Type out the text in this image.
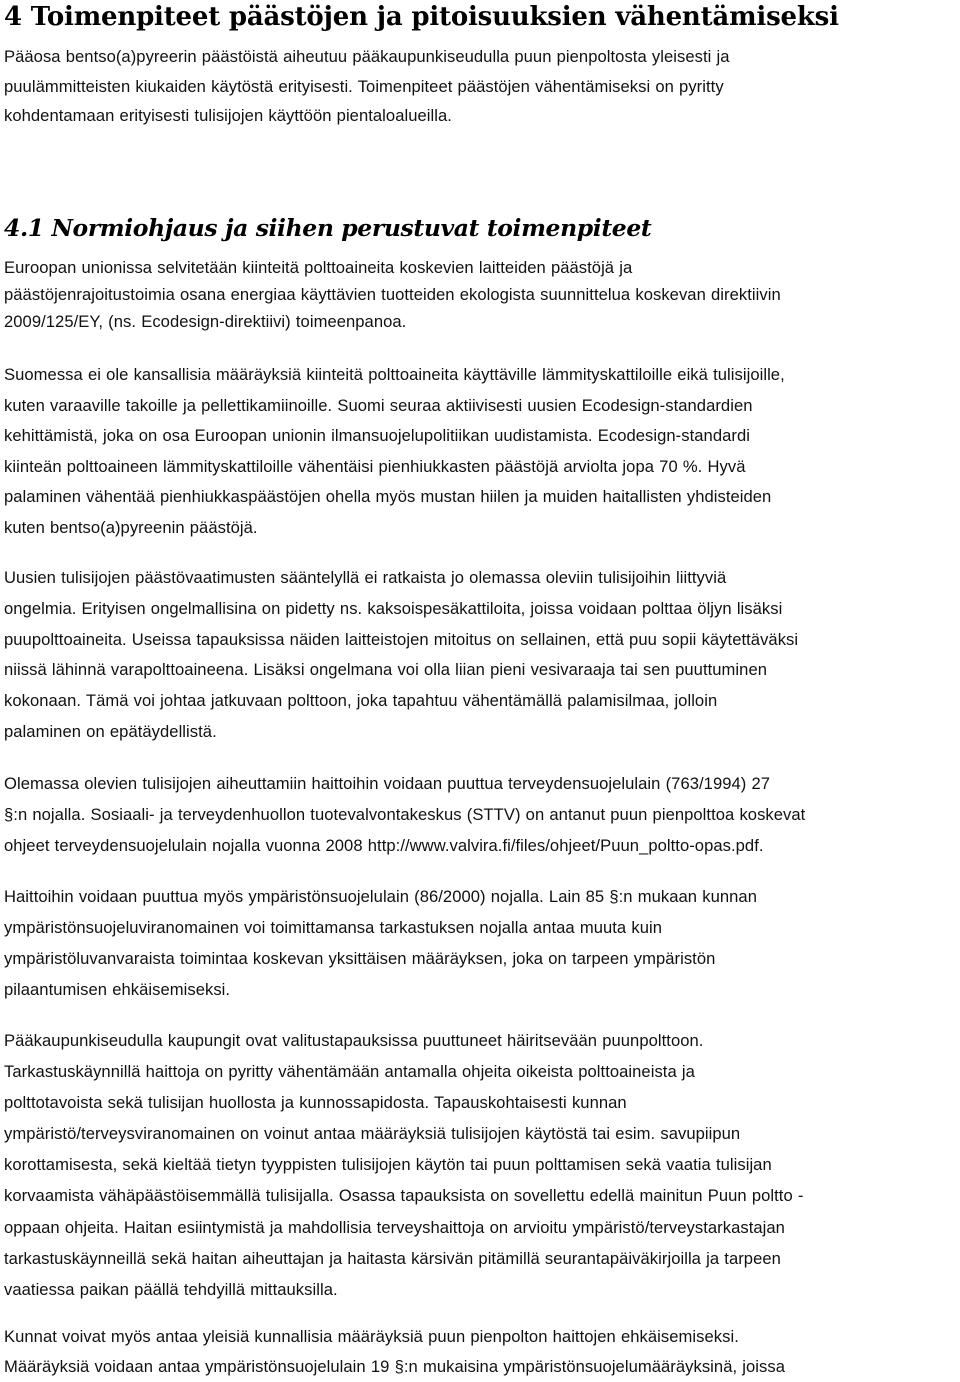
4 Toimenpiteet päästöjen ja pitoisuuksien vähentämiseksi
Pääosa bentso(a)pyreerin päästöistä aiheutuu pääkaupunkiseudulla puun pienpoltosta yleisesti ja
puulämmitteisten kiukaiden käytöstä erityisesti. Toimenpiteet päästöjen vähentämiseksi on pyritty
kohdentamaan erityisesti tulisijojen käyttöön pientaloalueilla.
4.1 Normiohjaus ja siihen perustuvat toimenpiteet
Euroopan unionissa selvitetään kiinteitä polttoaineita koskevien laitteiden päästöjä ja
päästöjenrajoitustoimia osana energiaa käyttävien tuotteiden ekologista suunnittelua koskevan direktiivin
2009/125/EY, (ns. Ecodesign-direktiivi) toimeenpanoa.
Suomessa ei ole kansallisia määräyksiä kiinteitä polttoaineita käyttäville lämmityskattiloille eikä tulisijoille,
kuten varaaville takoille ja pellettikamiinoille. Suomi seuraa aktiivisesti uusien Ecodesign-standardien
kehittämistä, joka on osa Euroopan unionin ilmansuojelupolitiikan uudistamista. Ecodesign-standardi
kiinteän polttoaineen lämmityskattiloille vähentäisi pienhiukkasten päästöjä arviolta jopa 70 %. Hyvä
palaminen vähentää pienhiukkaspäästöjen ohella myös mustan hiilen ja muiden haitallisten yhdisteiden
kuten bentso(a)pyreenin päästöjä.
Uusien tulisijojen päästövaatimusten sääntelyllä ei ratkaista jo olemassa oleviin tulisijoihin liittyviä
ongelmia. Erityisen ongelmallisina on pidetty ns. kaksoispesäkattiloita, joissa voidaan polttaa öljyn lisäksi
puupolttoaineita. Useissa tapauksissa näiden laitteistojen mitoitus on sellainen, että puu sopii käytettäväksi
niissä lähinnä varapolttoaineena. Lisäksi ongelmana voi olla liian pieni vesivaraaja tai sen puuttuminen
kokonaan. Tämä voi johtaa jatkuvaan polttoon, joka tapahtuu vähentämällä palamisilmaa, jolloin
palaminen on epätäydellistä.
Olemassa olevien tulisijojen aiheuttamiin haittoihin voidaan puuttua terveydensuojelulain (763/1994) 27
§:n nojalla. Sosiaali- ja terveydenhuollon tuotevalvontakeskus (STTV) on antanut puun pienpolttoa koskevat
ohjeet terveydensuojelulain nojalla vuonna 2008 http://www.valvira.fi/files/ohjeet/Puun_poltto-opas.pdf.
Haittoihin voidaan puuttua myös ympäristönsuojelulain (86/2000) nojalla. Lain 85 §:n mukaan kunnan
ympäristönsuojeluviranomainen voi toimittamansa tarkastuksen nojalla antaa muuta kuin
ympäristöluvanvaraista toimintaa koskevan yksittäisen määräyksen, joka on tarpeen ympäristön
pilaantumisen ehkäisemiseksi.
Pääkaupunkiseudulla kaupungit ovat valitustapauksissa puuttuneet häiritsevään puunpolttoon.
Tarkastuskäynnillä haittoja on pyritty vähentämään antamalla ohjeita oikeista polttoaineista ja
polttotavoista sekä tulisijan huollosta ja kunnossapidosta. Tapauskohtaisesti kunnan
ympäristö/terveysviranomainen on voinut antaa määräyksiä tulisijojen käytöstä tai esim. savupiipun
korottamisesta, sekä kieltää tietyn tyyppisten tulisijojen käytön tai puun polttamisen sekä vaatia tulisijan
korvaamista vähäpäästöisemmällä tulisijalla. Osassa tapauksista on sovellettu edellä mainitun Puun poltto -
oppaan ohjeita. Haitan esiintymistä ja mahdollisia terveyshaittoja on arvioitu ympäristö/terveystarkastajan
tarkastuskäynneillä sekä haitan aiheuttajan ja haitasta kärsivän pitämillä seurantapäiväkirjoilla ja tarpeen
vaatiessa paikan päällä tehdyillä mittauksilla.
Kunnat voivat myös antaa yleisiä kunnallisia määräyksiä puun pienpolton haittojen ehkäisemiseksi.
Määräyksiä voidaan antaa ympäristönsuojelulain 19 §:n mukaisina ympäristönsuojelumääräyksinä, joissa
